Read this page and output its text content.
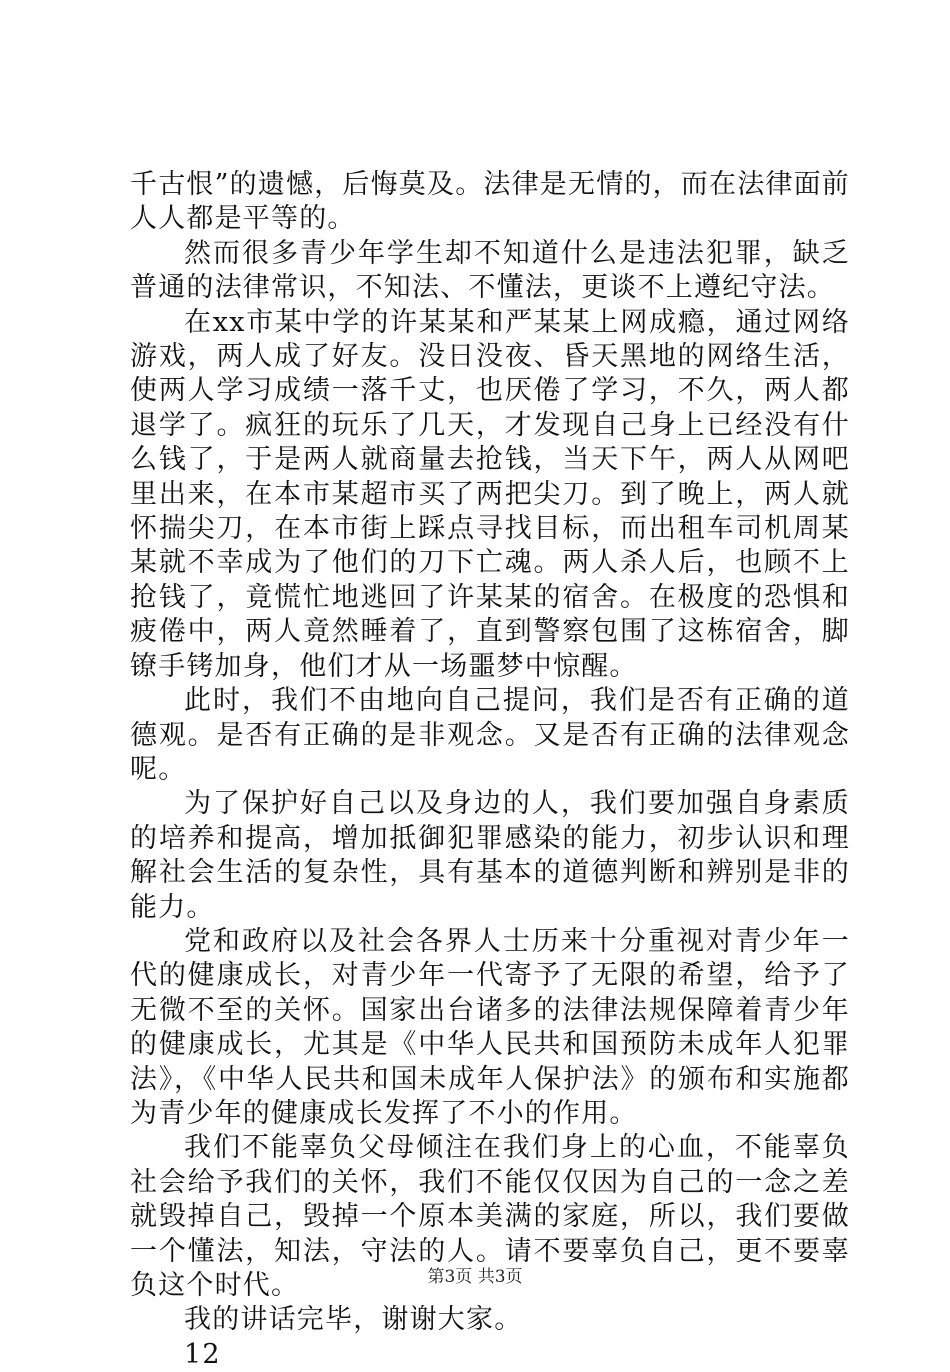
千古恨”的遗憾，后悔莫及。法律是无情的，而在法律面前人人都是平等的。

然而很多青少年学生却不知道什么是违法犯罪，缺乏普通的法律常识，不知法、不懂法，更谈不上遵纪守法。

在xx市某中学的许某某和严某某上网成瘾，通过网络游戏，两人成了好友。没日没夜、昏天黑地的网络生活，使两人学习成绩一落千丈，也厌倦了学习，不久，两人都退学了。疯狂的玩乐了几天，才发现自己身上已经没有什么钱了，于是两人就商量去抢钱，当天下午，两人从网吧里出来，在本市某超市买了两把尖刀。到了晚上，两人就怀揣尖刀，在本市街上踩点寻找目标，而出租车司机周某某就不幸成为了他们的刀下亡魂。两人杀人后，也顾不上抢钱了，竟慌忙地逃回了许某某的宿舍。在极度的恐惧和疲倦中，两人竟然睡着了，直到警察包围了这栋宿舍，脚镣手铐加身，他们才从一场噩梦中惊醒。

此时，我们不由地向自己提问，我们是否有正确的道德观。是否有正确的是非观念。又是否有正确的法律观念呢。

为了保护好自己以及身边的人，我们要加强自身素质的培养和提高，增加抵御犯罪感染的能力，初步认识和理解社会生活的复杂性，具有基本的道德判断和辨别是非的能力。

党和政府以及社会各界人士历来十分重视对青少年一代的健康成长，对青少年一代寄予了无限的希望，给予了无微不至的关怀。国家出台诸多的法律法规保障着青少年的健康成长，尤其是《中华人民共和国预防未成年人犯罪法》，《中华人民共和国未成年人保护法》的颁布和实施都为青少年的健康成长发挥了不小的作用。

我们不能辜负父母倾注在我们身上的心血，不能辜负社会给予我们的关怀，我们不能仅仅因为自己的一念之差就毁掉自己，毁掉一个原本美满的家庭，所以，我们要做一个懂法，知法，守法的人。请不要辜负自己，更不要辜负这个时代。

我的讲话完毕，谢谢大家。

12

第3页 共3页
